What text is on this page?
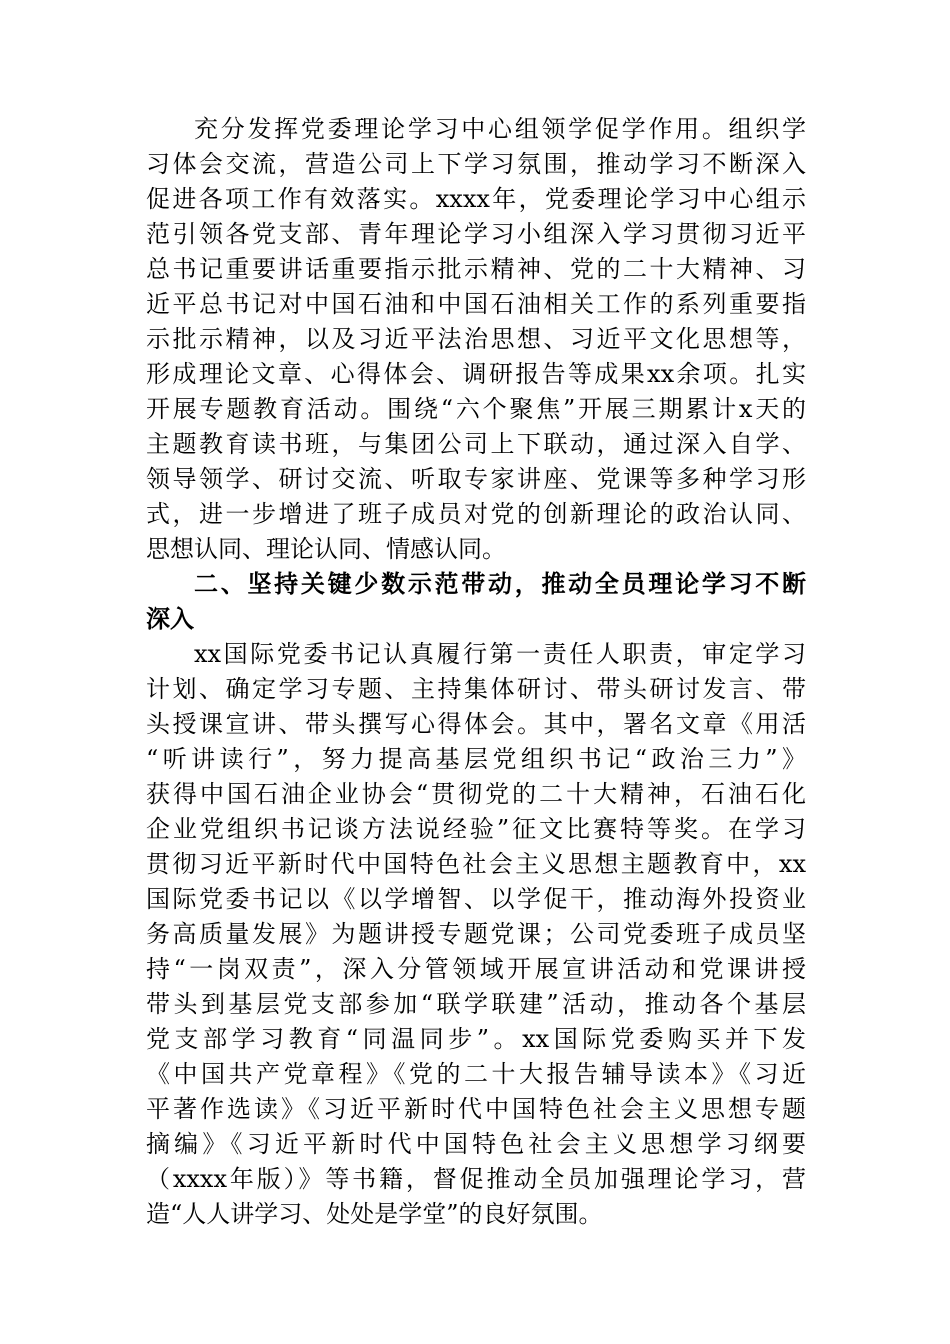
充分发挥党委理论学习中心组领学促学作用。组织学
习体会交流，营造公司上下学习氛围，推动学习不断深入
促进各项工作有效落实。xxxx年，党委理论学习中心组示
范引领各党支部、青年理论学习小组深入学习贯彻习近平
总书记重要讲话重要指示批示精神、党的二十大精神、习
近平总书记对中国石油和中国石油相关工作的系列重要指
示批示精神，以及习近平法治思想、习近平文化思想等，
形成理论文章、心得体会、调研报告等成果xx余项。扎实
开展专题教育活动。围绕“六个聚焦”开展三期累计x天的
主题教育读书班，与集团公司上下联动，通过深入自学、
领导领学、研讨交流、听取专家讲座、党课等多种学习形
式，进一步增进了班子成员对党的创新理论的政治认同、
思想认同、理论认同、情感认同。
二、坚持关键少数示范带动，推动全员理论学习不断
深入
xx国际党委书记认真履行第一责任人职责，审定学习
计划、确定学习专题、主持集体研讨、带头研讨发言、带
头授课宣讲、带头撰写心得体会。其中，署名文章《用活
“听讲读行”，努力提高基层党组织书记“政治三力”》
获得中国石油企业协会“贯彻党的二十大精神，石油石化
企业党组织书记谈方法说经验”征文比赛特等奖。在学习
贯彻习近平新时代中国特色社会主义思想主题教育中，xx
国际党委书记以《以学增智、以学促干，推动海外投资业
务高质量发展》为题讲授专题党课；公司党委班子成员坚
持“一岗双责”，深入分管领域开展宣讲活动和党课讲授
带头到基层党支部参加“联学联建”活动，推动各个基层
党支部学习教育“同温同步”。xx国际党委购买并下发
《中国共产党章程》《党的二十大报告辅导读本》《习近
平著作选读》《习近平新时代中国特色社会主义思想专题
摘编》《习近平新时代中国特色社会主义思想学习纲要
（xxxx年版）》等书籍，督促推动全员加强理论学习，营
造“人人讲学习、处处是学堂”的良好氛围。
